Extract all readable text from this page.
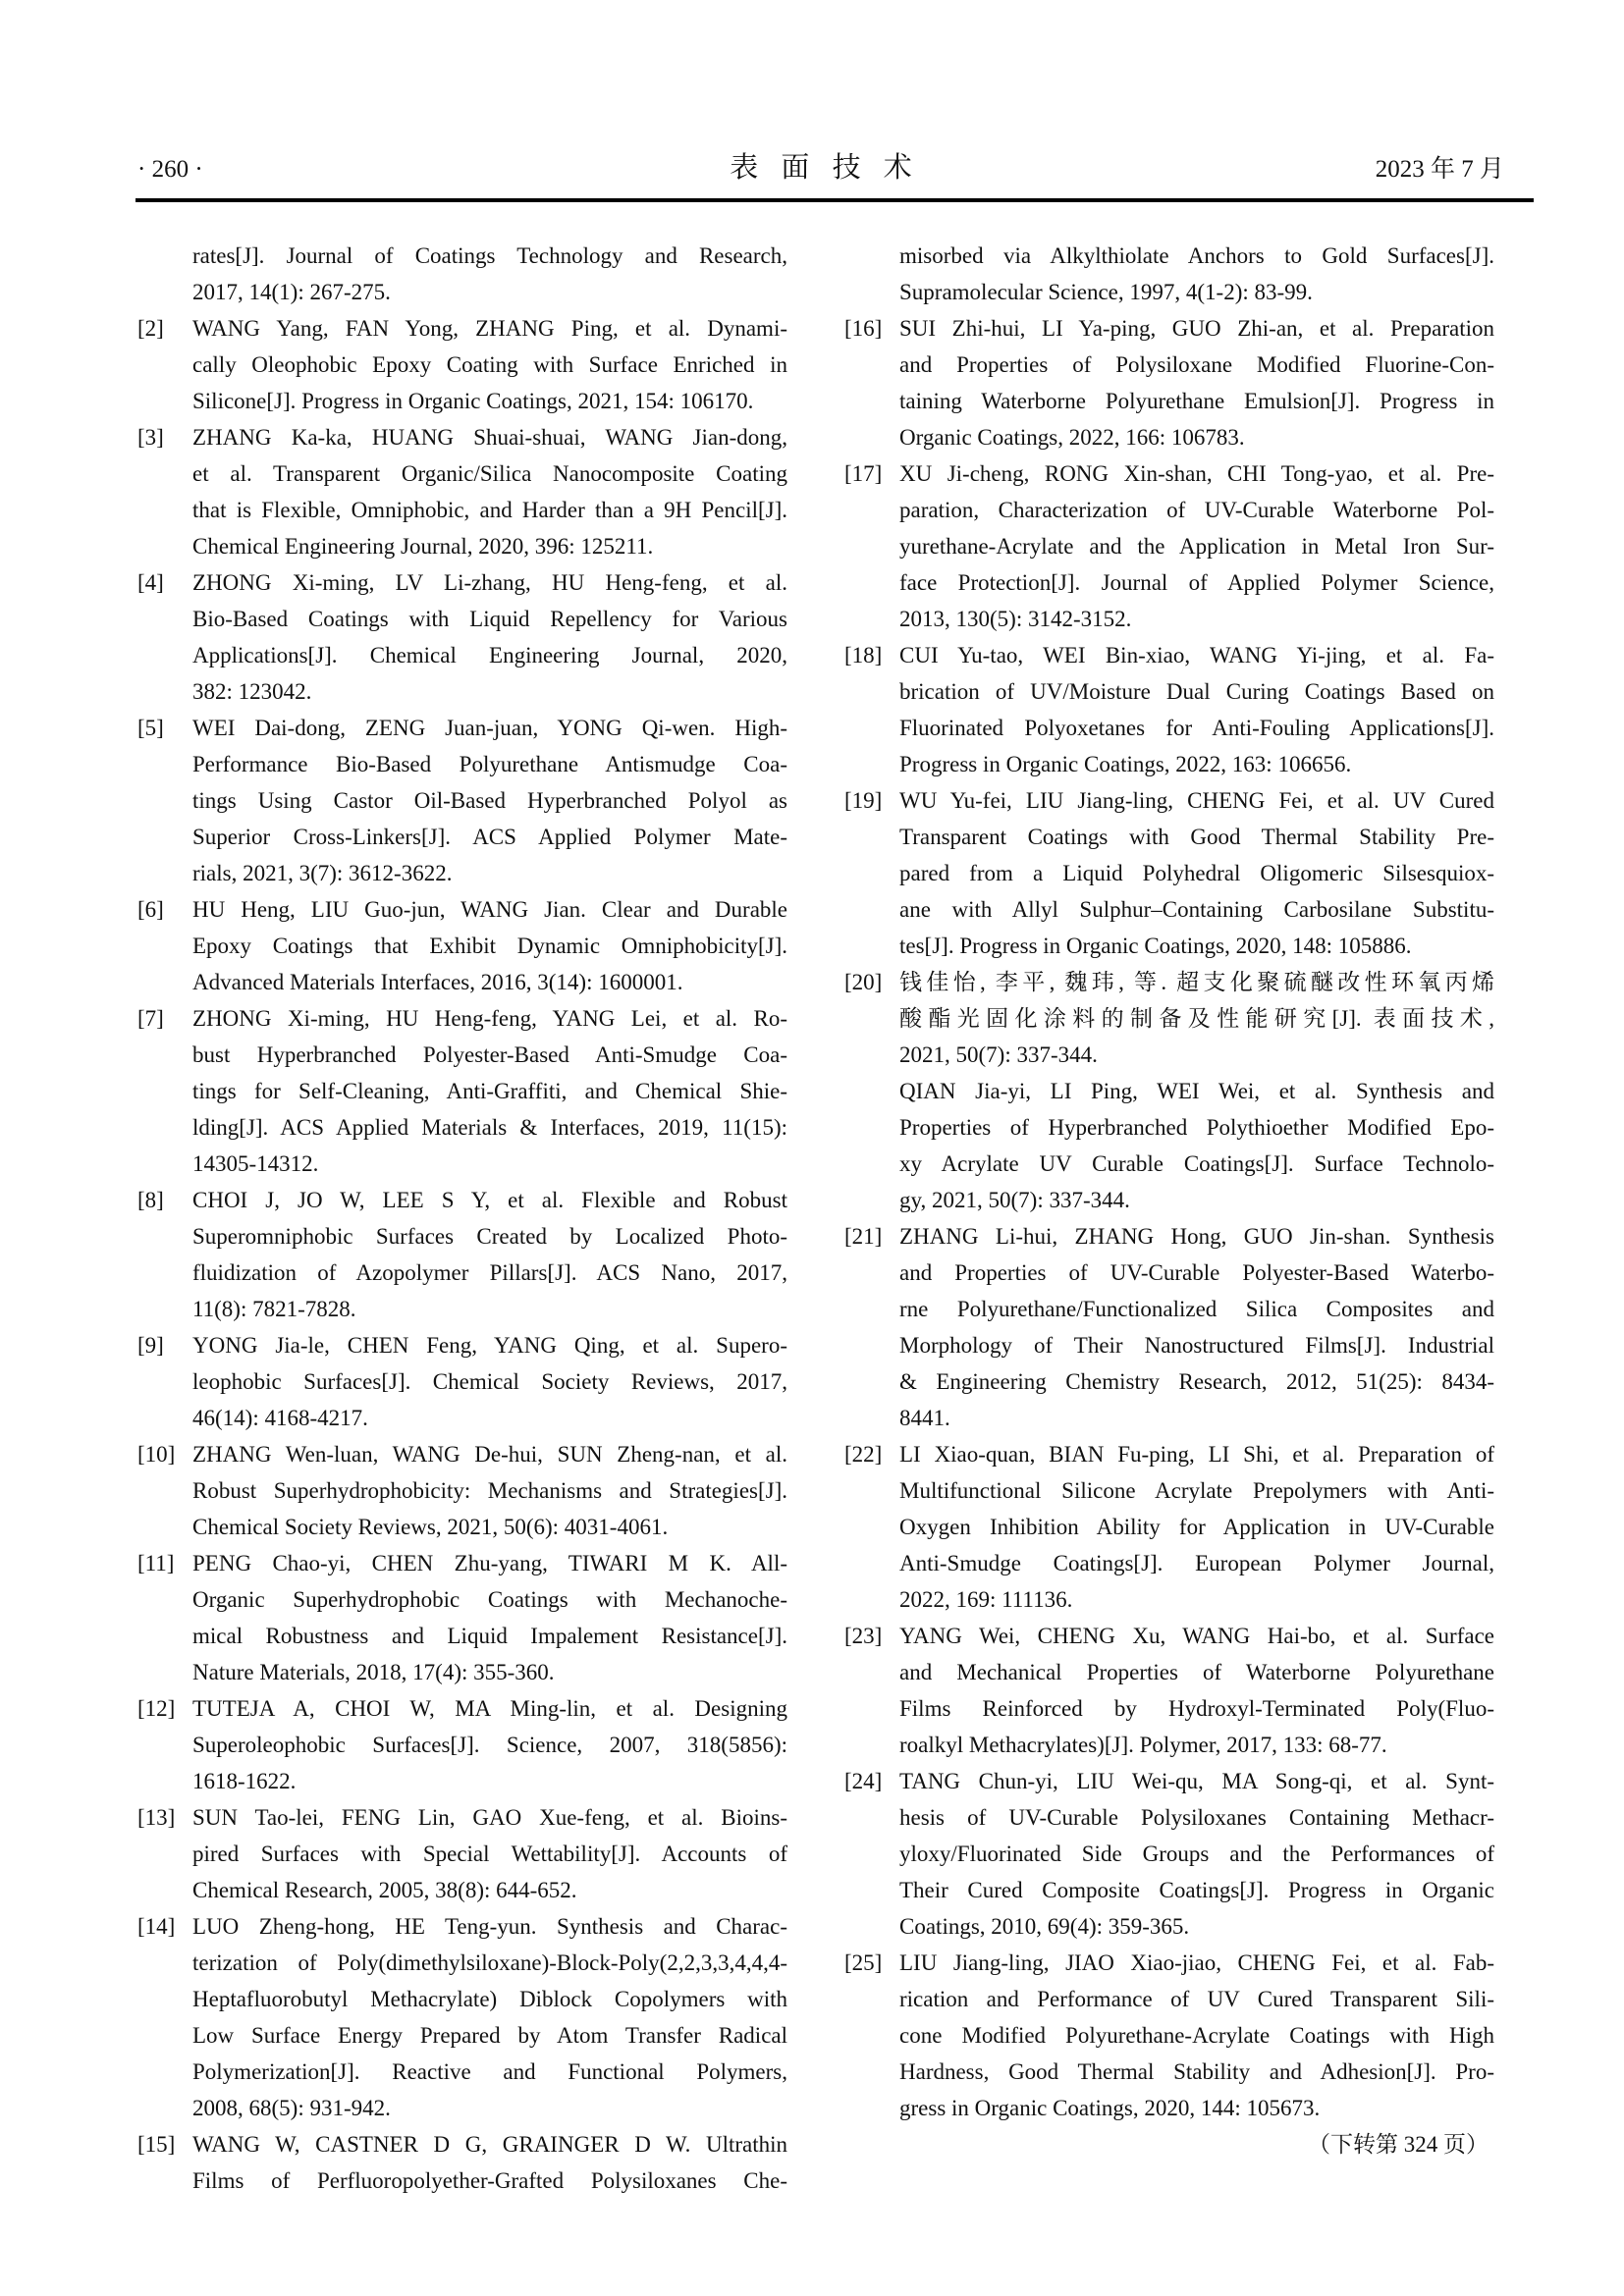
· 260 ·	表 面 技 术	2023 年 7 月
rates[J]. Journal of Coatings Technology and Research,
2017, 14(1): 267-275.
[2]	WANG Yang, FAN Yong, ZHANG Ping, et al. Dynami-
cally Oleophobic Epoxy Coating with Surface Enriched in
Silicone[J]. Progress in Organic Coatings, 2021, 154: 106170.
[3]	ZHANG Ka-ka, HUANG Shuai-shuai, WANG Jian-dong,
et al. Transparent Organic/Silica Nanocomposite Coating
that is Flexible, Omniphobic, and Harder than a 9H Pencil[J].
Chemical Engineering Journal, 2020, 396: 125211.
[4]	ZHONG Xi-ming, LV Li-zhang, HU Heng-feng, et al.
Bio-Based Coatings with Liquid Repellency for Various
Applications[J]. Chemical Engineering Journal, 2020,
382: 123042.
[5]	WEI Dai-dong, ZENG Juan-juan, YONG Qi-wen. High-
Performance Bio-Based Polyurethane Antismudge Coa-
tings Using Castor Oil-Based Hyperbranched Polyol as
Superior Cross-Linkers[J]. ACS Applied Polymer Mate-
rials, 2021, 3(7): 3612-3622.
[6]	HU Heng, LIU Guo-jun, WANG Jian. Clear and Durable
Epoxy Coatings that Exhibit Dynamic Omniphobicity[J].
Advanced Materials Interfaces, 2016, 3(14): 1600001.
[7]	ZHONG Xi-ming, HU Heng-feng, YANG Lei, et al. Ro-
bust Hyperbranched Polyester-Based Anti-Smudge Coa-
tings for Self-Cleaning, Anti-Graffiti, and Chemical Shie-
lding[J]. ACS Applied Materials & Interfaces, 2019, 11(15):
14305-14312.
[8]	CHOI J, JO W, LEE S Y, et al. Flexible and Robust
Superomniphobic Surfaces Created by Localized Photo-
fluidization of Azopolymer Pillars[J]. ACS Nano, 2017,
11(8): 7821-7828.
[9]	YONG Jia-le, CHEN Feng, YANG Qing, et al. Supero-
leophobic Surfaces[J]. Chemical Society Reviews, 2017,
46(14): 4168-4217.
[10] ZHANG Wen-luan, WANG De-hui, SUN Zheng-nan, et al.
Robust Superhydrophobicity: Mechanisms and Strategies[J].
Chemical Society Reviews, 2021, 50(6): 4031-4061.
[11] PENG Chao-yi, CHEN Zhu-yang, TIWARI M K. All-
Organic Superhydrophobic Coatings with Mechanoche-
mical Robustness and Liquid Impalement Resistance[J].
Nature Materials, 2018, 17(4): 355-360.
[12] TUTEJA A, CHOI W, MA Ming-lin, et al. Designing
Superoleophobic Surfaces[J]. Science, 2007, 318(5856):
1618-1622.
[13] SUN Tao-lei, FENG Lin, GAO Xue-feng, et al. Bioins-
pired Surfaces with Special Wettability[J]. Accounts of
Chemical Research, 2005, 38(8): 644-652.
[14] LUO Zheng-hong, HE Teng-yun. Synthesis and Charac-
terization of Poly(dimethylsiloxane)-Block-Poly(2,2,3,3,4,4,4-
Heptafluorobutyl Methacrylate) Diblock Copolymers with
Low Surface Energy Prepared by Atom Transfer Radical
Polymerization[J]. Reactive and Functional Polymers,
2008, 68(5): 931-942.
[15] WANG W, CASTNER D G, GRAINGER D W. Ultrathin
Films of Perfluoropolyether-Grafted Polysiloxanes Che-
misorbed via Alkylthiolate Anchors to Gold Surfaces[J].
Supramolecular Science, 1997, 4(1-2): 83-99.
[16] SUI Zhi-hui, LI Ya-ping, GUO Zhi-an, et al. Preparation
and Properties of Polysiloxane Modified Fluorine-Con-
taining Waterborne Polyurethane Emulsion[J]. Progress in
Organic Coatings, 2022, 166: 106783.
[17] XU Ji-cheng, RONG Xin-shan, CHI Tong-yao, et al. Pre-
paration, Characterization of UV-Curable Waterborne Pol-
yurethane-Acrylate and the Application in Metal Iron Sur-
face Protection[J]. Journal of Applied Polymer Science,
2013, 130(5): 3142-3152.
[18] CUI Yu-tao, WEI Bin-xiao, WANG Yi-jing, et al. Fa-
brication of UV/Moisture Dual Curing Coatings Based on
Fluorinated Polyoxetanes for Anti-Fouling Applications[J].
Progress in Organic Coatings, 2022, 163: 106656.
[19] WU Yu-fei, LIU Jiang-ling, CHENG Fei, et al. UV Cured
Transparent Coatings with Good Thermal Stability Pre-
pared from a Liquid Polyhedral Oligomeric Silsesquiox-
ane with Allyl Sulphur–Containing Carbosilane Substitu-
tes[J]. Progress in Organic Coatings, 2020, 148: 105886.
[20] 钱佳怡, 李平, 魏玮, 等. 超支化聚硫醚改性环氧丙烯
酸酯光固化涂料的制备及性能研究[J]. 表面技术,
2021, 50(7): 337-344.
QIAN Jia-yi, LI Ping, WEI Wei, et al. Synthesis and
Properties of Hyperbranched Polythioether Modified Epo-
xy Acrylate UV Curable Coatings[J]. Surface Technolo-
gy, 2021, 50(7): 337-344.
[21] ZHANG Li-hui, ZHANG Hong, GUO Jin-shan. Synthesis
and Properties of UV-Curable Polyester-Based Waterbo-
rne Polyurethane/Functionalized Silica Composites and
Morphology of Their Nanostructured Films[J]. Industrial
& Engineering Chemistry Research, 2012, 51(25): 8434-
8441.
[22] LI Xiao-quan, BIAN Fu-ping, LI Shi, et al. Preparation of
Multifunctional Silicone Acrylate Prepolymers with Anti-
Oxygen Inhibition Ability for Application in UV-Curable
Anti-Smudge Coatings[J]. European Polymer Journal,
2022, 169: 111136.
[23] YANG Wei, CHENG Xu, WANG Hai-bo, et al. Surface
and Mechanical Properties of Waterborne Polyurethane
Films Reinforced by Hydroxyl-Terminated Poly(Fluo-
roalkyl Methacrylates)[J]. Polymer, 2017, 133: 68-77.
[24] TANG Chun-yi, LIU Wei-qu, MA Song-qi, et al. Synt-
hesis of UV-Curable Polysiloxanes Containing Methacr-
yloxy/Fluorinated Side Groups and the Performances of
Their Cured Composite Coatings[J]. Progress in Organic
Coatings, 2010, 69(4): 359-365.
[25] LIU Jiang-ling, JIAO Xiao-jiao, CHENG Fei, et al. Fab-
rication and Performance of UV Cured Transparent Sili-
cone Modified Polyurethane-Acrylate Coatings with High
Hardness, Good Thermal Stability and Adhesion[J]. Pro-
gress in Organic Coatings, 2020, 144: 105673.
（下转第 324 页）
